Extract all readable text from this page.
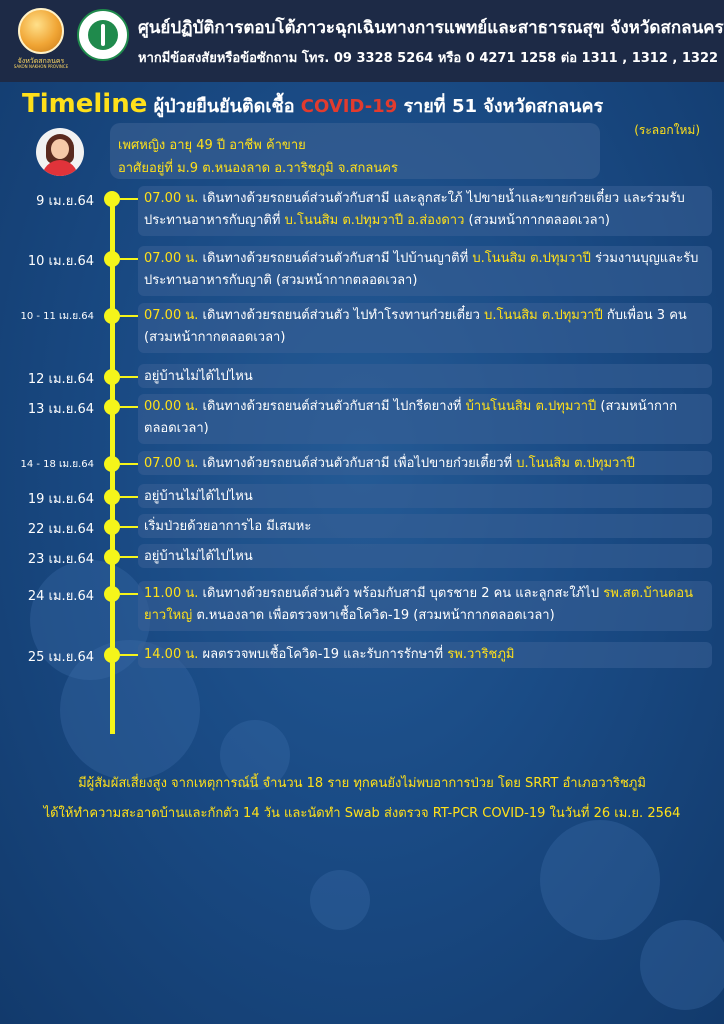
จังหวัดสกลนคร
SAKON NAKHON PROVINCE
ศูนย์ปฏิบัติการตอบโต้ภาวะฉุกเฉินทางการแพทย์และสาธารณสุข จังหวัดสกลนคร
หากมีข้อสงสัยหรือข้อซักถาม โทร. 09 3328 5264 หรือ 0 4271 1258 ต่อ 1311 , 1312 , 1322
Timeline ผู้ป่วยยืนยันติดเชื้อ COVID-19 รายที่ 51 จังหวัดสกลนคร
เพศหญิง อายุ 49 ปี อาชีพ ค้าขาย
อาศัยอยู่ที่ ม.9 ต.หนองลาด อ.วาริชภูมิ จ.สกลนคร
(ระลอกใหม่)
9 เม.ย.64	07.00 น. เดินทางด้วยรถยนต์ส่วนตัวกับสามี และลูกสะใภ้ ไปขายน้ำและขายก๋วยเตี๋ยว และร่วมรับประทานอาหารกับญาติที่ บ.โนนสิม ต.ปทุมวาปี อ.ส่องดาว (สวมหน้ากากตลอดเวลา)
10 เม.ย.64	07.00 น. เดินทางด้วยรถยนต์ส่วนตัวกับสามี ไปบ้านญาติที่ บ.โนนสิม ต.ปทุมวาปี ร่วมงานบุญและรับประทานอาหารกับญาติ (สวมหน้ากากตลอดเวลา)
10 - 11 เม.ย.64	07.00 น. เดินทางด้วยรถยนต์ส่วนตัว ไปทำโรงทานก๋วยเตี๋ยว บ.โนนสิม ต.ปทุมวาปี กับเพื่อน 3 คน (สวมหน้ากากตลอดเวลา)
12 เม.ย.64	อยู่บ้านไม่ได้ไปไหน
13 เม.ย.64	00.00 น. เดินทางด้วยรถยนต์ส่วนตัวกับสามี ไปกรีดยางที่ บ้านโนนสิม ต.ปทุมวาปี (สวมหน้ากากตลอดเวลา)
14 - 18 เม.ย.64	07.00 น. เดินทางด้วยรถยนต์ส่วนตัวกับสามี เพื่อไปขายก๋วยเตี๋ยวที่ บ.โนนสิม ต.ปทุมวาปี
19 เม.ย.64	อยู่บ้านไม่ได้ไปไหน
22 เม.ย.64	เริ่มป่วยด้วยอาการไอ มีเสมหะ
23 เม.ย.64	อยู่บ้านไม่ได้ไปไหน
24 เม.ย.64	11.00 น. เดินทางด้วยรถยนต์ส่วนตัว พร้อมกับสามี บุตรชาย 2 คน และลูกสะใภ้ไป รพ.สต.บ้านดอนยาวใหญ่ ต.หนองลาด เพื่อตรวจหาเชื้อโควิด-19 (สวมหน้ากากตลอดเวลา)
25 เม.ย.64	14.00 น. ผลตรวจพบเชื้อโควิด-19 และรับการรักษาที่ รพ.วาริชภูมิ
มีผู้สัมผัสเสี่ยงสูง จากเหตุการณ์นี้ จำนวน 18 ราย ทุกคนยังไม่พบอาการป่วย โดย SRRT อำเภอวาริชภูมิ
ได้ให้ทำความสะอาดบ้านและกักตัว 14 วัน และนัดทำ Swab ส่งตรวจ RT-PCR COVID-19 ในวันที่ 26 เม.ย. 2564
